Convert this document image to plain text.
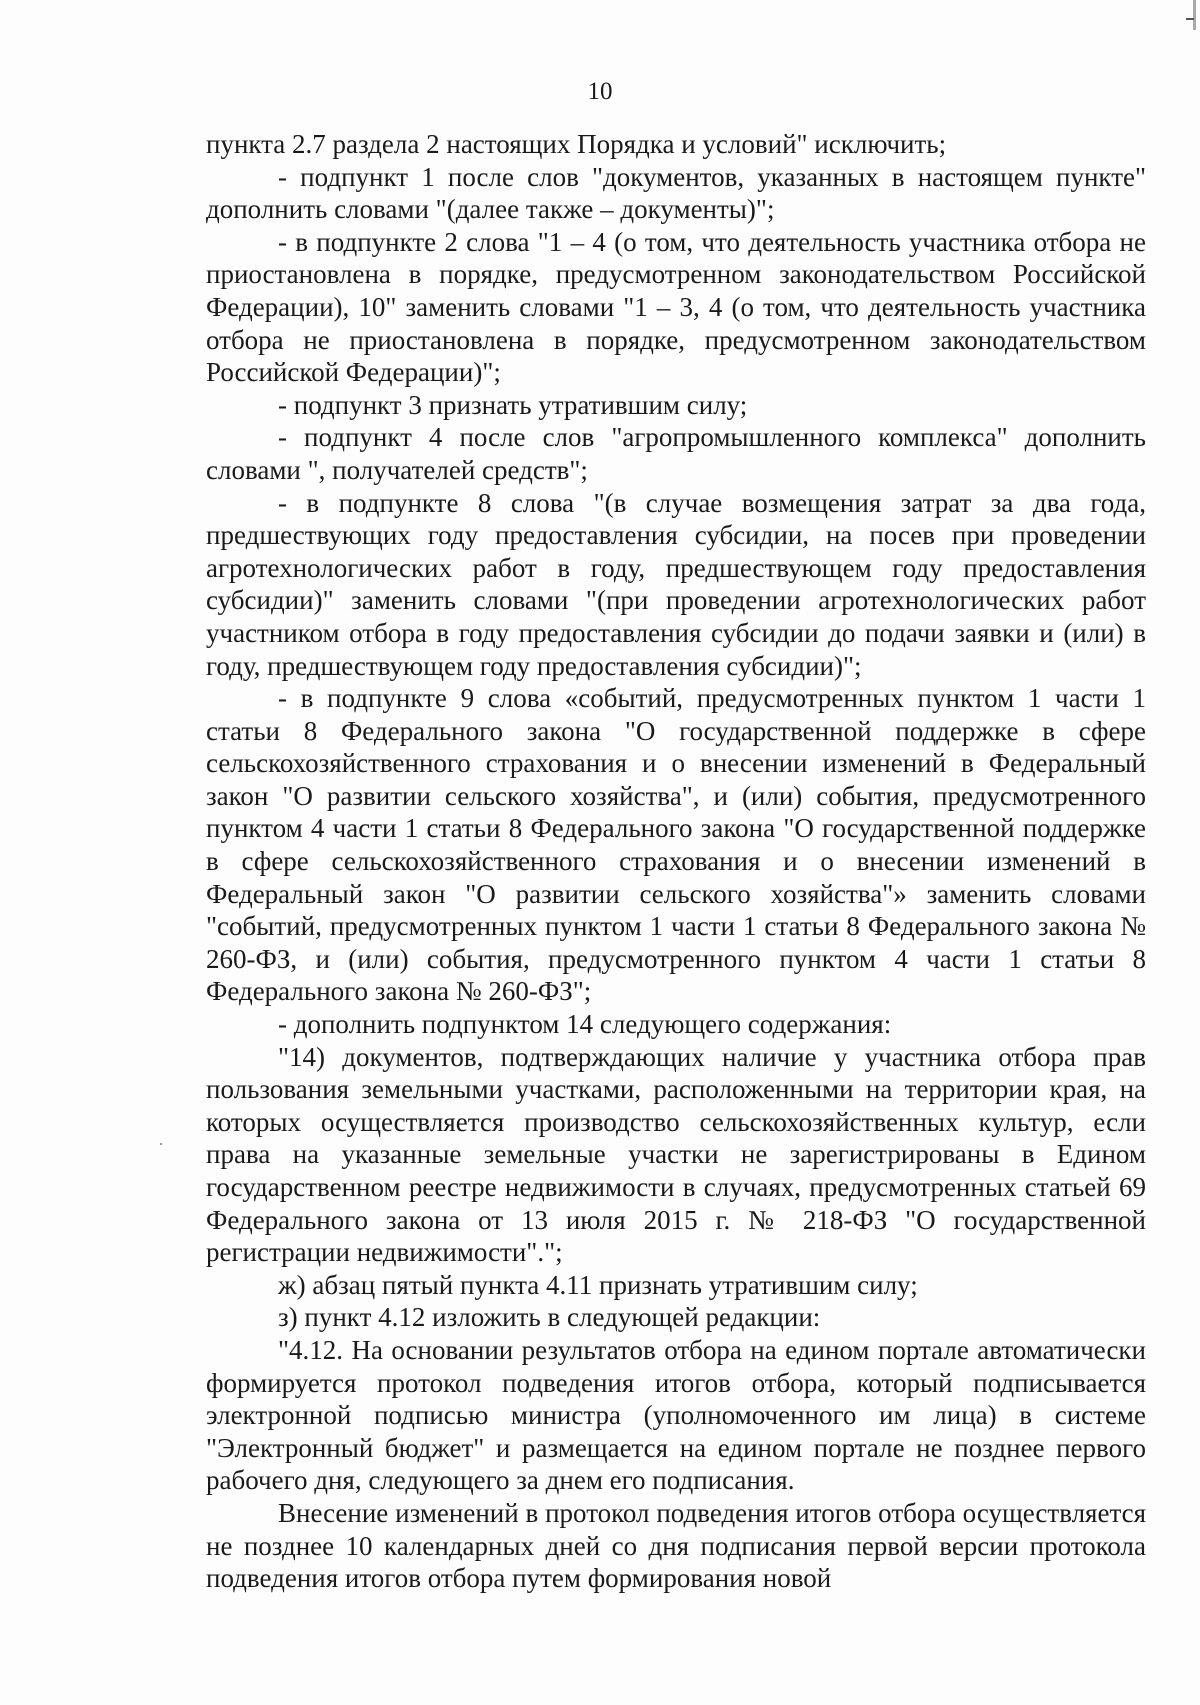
10

пункта 2.7 раздела 2 настоящих Порядка и условий" исключить;

- подпункт 1 после слов "документов, указанных в настоящем пункте" дополнить словами "(далее также – документы)";

- в подпункте 2 слова "1 – 4 (о том, что деятельность участника отбора не приостановлена в порядке, предусмотренном законодательством Российской Федерации), 10" заменить словами "1 – 3, 4 (о том, что деятельность участника отбора не приостановлена в порядке, предусмотренном законодательством Российской Федерации)";

- подпункт 3 признать утратившим силу;

- подпункт 4 после слов "агропромышленного комплекса" дополнить словами ", получателей средств";

- в подпункте 8 слова "(в случае возмещения затрат за два года, предшествующих году предоставления субсидии, на посев при проведении агротехнологических работ в году, предшествующем году предоставления субсидии)" заменить словами "(при проведении агротехнологических работ участником отбора в году предоставления субсидии до подачи заявки и (или) в году, предшествующем году предоставления субсидии)";

- в подпункте 9 слова «событий, предусмотренных пунктом 1 части 1 статьи 8 Федерального закона "О государственной поддержке в сфере сельскохозяйственного страхования и о внесении изменений в Федеральный закон "О развитии сельского хозяйства", и (или) события, предусмотренного пунктом 4 части 1 статьи 8 Федерального закона "О государственной поддержке в сфере сельскохозяйственного страхования и о внесении изменений в Федеральный закон "О развитии сельского хозяйства"» заменить словами "событий, предусмотренных пунктом 1 части 1 статьи 8 Федерального закона № 260-ФЗ, и (или) события, предусмотренного пунктом 4 части 1 статьи 8 Федерального закона № 260-ФЗ";

- дополнить подпунктом 14 следующего содержания:

"14) документов, подтверждающих наличие у участника отбора прав пользования земельными участками, расположенными на территории края, на которых осуществляется производство сельскохозяйственных культур, если права на указанные земельные участки не зарегистрированы в Едином государственном реестре недвижимости в случаях, предусмотренных статьей 69 Федерального закона от 13 июля 2015 г. № 218-ФЗ "О государственной регистрации недвижимости".";

ж) абзац пятый пункта 4.11 признать утратившим силу;

з) пункт 4.12 изложить в следующей редакции:

"4.12. На основании результатов отбора на едином портале автоматически формируется протокол подведения итогов отбора, который подписывается электронной подписью министра (уполномоченного им лица) в системе "Электронный бюджет" и размещается на едином портале не позднее первого рабочего дня, следующего за днем его подписания.

Внесение изменений в протокол подведения итогов отбора осуществляется не позднее 10 календарных дней со дня подписания первой версии протокола подведения итогов отбора путем формирования новой
